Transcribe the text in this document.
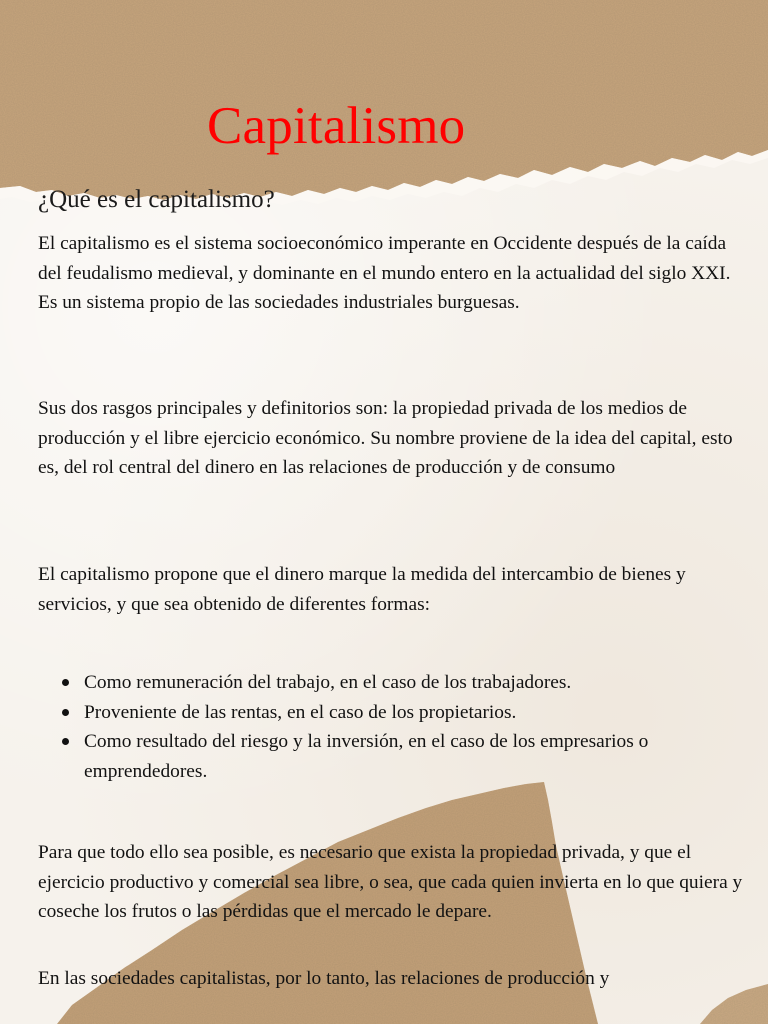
Capitalismo
¿Qué es el capitalismo?

El capitalismo es el sistema socioeconómico imperante en Occidente después de la caída del feudalismo medieval, y dominante en el mundo entero en la actualidad del siglo XXI. Es un sistema propio de las sociedades industriales burguesas.

Sus dos rasgos principales y definitorios son: la propiedad privada de los medios de producción y el libre ejercicio económico. Su nombre proviene de la idea del capital, esto es, del rol central del dinero en las relaciones de producción y de consumo

El capitalismo propone que el dinero marque la medida del intercambio de bienes y servicios, y que sea obtenido de diferentes formas:

Como remuneración del trabajo, en el caso de los trabajadores.
Proveniente de las rentas, en el caso de los propietarios.
Como resultado del riesgo y la inversión, en el caso de los empresarios o emprendedores.

Para que todo ello sea posible, es necesario que exista la propiedad privada, y que el ejercicio productivo y comercial sea libre, o sea, que cada quien invierta en lo que quiera y coseche los frutos o las pérdidas que el mercado le depare.

En las sociedades capitalistas, por lo tanto, las relaciones de producción y
